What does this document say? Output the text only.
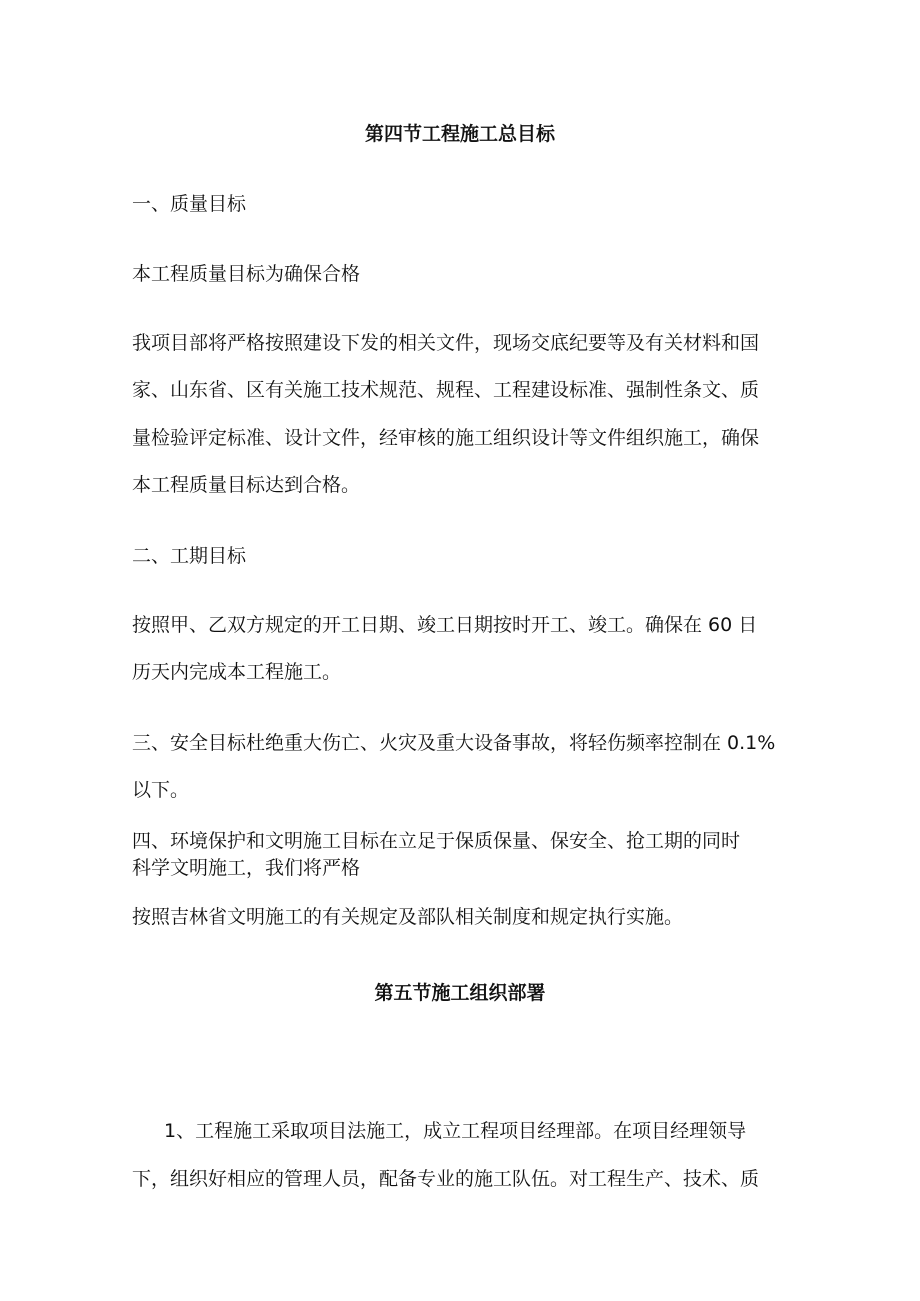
第四节工程施工总目标

一、质量目标

本工程质量目标为确保合格

我项目部将严格按照建设下发的相关文件，现场交底纪要等及有关材料和国

家、山东省、区有关施工技术规范、规程、工程建设标准、强制性条文、质

量检验评定标准、设计文件，经审核的施工组织设计等文件组织施工，确保

本工程质量目标达到合格。

二、工期目标

按照甲、乙双方规定的开工日期、竣工日期按时开工、竣工。确保在 60 日

历天内完成本工程施工。

三、安全目标杜绝重大伤亡、火灾及重大设备事故，将轻伤频率控制在 0.1%

以下。

四、环境保护和文明施工目标在立足于保质保量、保安全、抢工期的同时

科学文明施工，我们将严格

按照吉林省文明施工的有关规定及部队相关制度和规定执行实施。

第五节施工组织部署

1、工程施工采取项目法施工，成立工程项目经理部。在项目经理领导

下，组织好相应的管理人员，配备专业的施工队伍。对工程生产、技术、质
